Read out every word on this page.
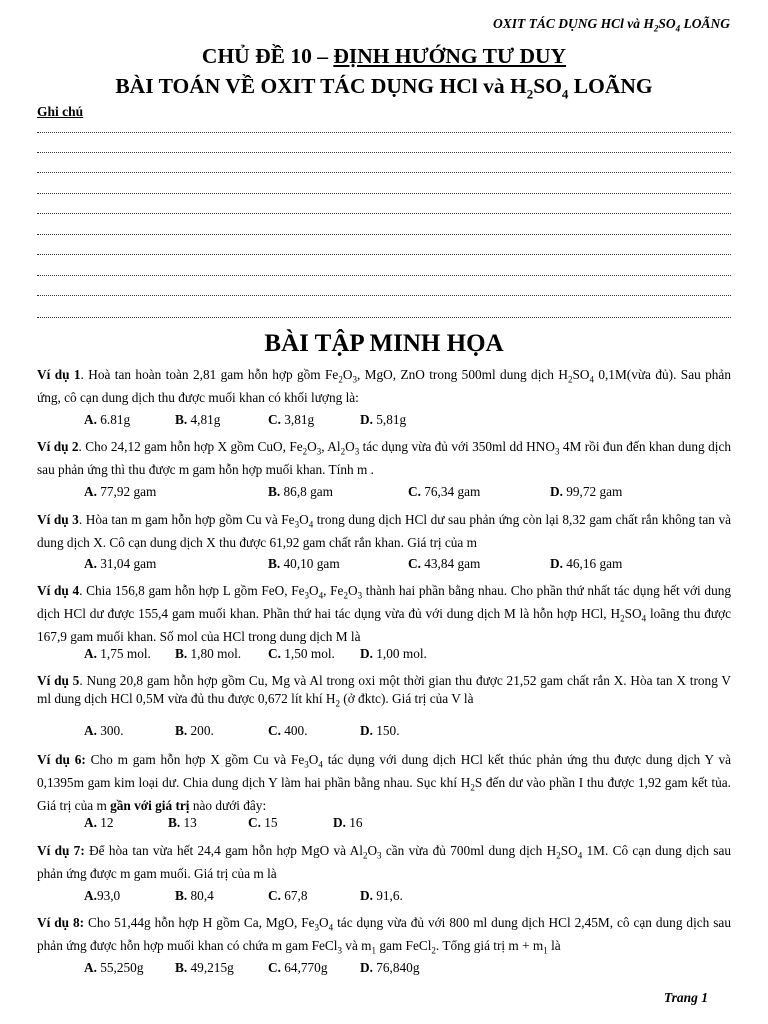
OXIT TÁC DỤNG HCl và $H_2SO_4$ LOÃNG
CHỦ ĐỀ 10 – ĐỊNH HƯỚNG TƯ DUY
BÀI TOÁN VỀ OXIT TÁC DỤNG HCl và $H_2SO_4$ LOÃNG
Ghi chú
BÀI TẬP MINH HỌA
Ví dụ 1. Hoà tan hoàn toàn 2,81 gam hỗn hợp gồm $Fe_2O_3$, MgO, ZnO trong 500ml dung dịch $H_2SO_4$ 0,1M(vừa đủ). Sau phản ứng, cô cạn dung dịch thu được muối khan có khối lượng là:
A. 6.81g	B. 4,81g	C. 3,81g	D. 5,81g
Ví dụ 2. Cho 24,12 gam hỗn hợp X gồm CuO, $Fe_2O_3$, $Al_2O_3$ tác dụng vừa đủ với 350ml dd $HNO_3$ 4M rồi đun đến khan dung dịch sau phản ứng thì thu được m gam hỗn hợp muối khan. Tính m .
A. 77,92 gam	B. 86,8 gam	C. 76,34 gam	D. 99,72 gam
Ví dụ 3. Hòa tan m gam hỗn hợp gồm Cu và $Fe_3O_4$ trong dung dịch HCl dư sau phản ứng còn lại 8,32 gam chất rắn không tan và dung dịch X. Cô cạn dung dịch X thu được 61,92 gam chất rắn khan. Giá trị của m
A. 31,04 gam	B. 40,10 gam	C. 43,84 gam	D. 46,16 gam
Ví dụ 4. Chia 156,8 gam hỗn hợp L gồm FeO, $Fe_3O_4$, $Fe_2O_3$ thành hai phần bằng nhau. Cho phần thứ nhất tác dụng hết với dung dịch HCl dư được 155,4 gam muối khan. Phần thứ hai tác dụng vừa đủ với dung dịch M là hỗn hợp HCl, $H_2SO_4$ loãng thu được 167,9 gam muối khan. Số mol của HCl trong dung dịch M là
A. 1,75 mol. B. 1,80 mol. C. 1,50 mol. D. 1,00 mol.
Ví dụ 5. Nung 20,8 gam hỗn hợp gồm Cu, Mg và Al trong oxi một thời gian thu được 21,52 gam chất rắn X. Hòa tan X trong V ml dung dịch HCl 0,5M vừa đủ thu được 0,672 lít khí $H_2$ (ở đktc). Giá trị của V là
A. 300.	B. 200.	C. 400.	D. 150.
Ví dụ 6: Cho m gam hỗn hợp X gồm Cu và $Fe_3O_4$ tác dụng với dung dịch HCl kết thúc phản ứng thu được dung dịch Y và 0,1395m gam kim loại dư. Chia dung dịch Y làm hai phần bằng nhau. Sục khí $H_2S$ đến dư vào phần I thu được 1,92 gam kết tủa. Giá trị của m gần với giá trị nào dưới đây:
A. 12	B. 13	C. 15	D. 16
Ví dụ 7: Để hòa tan vừa hết 24,4 gam hỗn hợp MgO và $Al_2O_3$ cần vừa đủ 700ml dung dịch $H_2SO_4$ 1M. Cô cạn dung dịch sau phản ứng được m gam muối. Giá trị của m là
A.93,0	B. 80,4	C. 67,8	D. 91,6.
Ví dụ 8: Cho 51,44g hỗn hợp H gồm Ca, MgO, $Fe_3O_4$ tác dụng vừa đủ với 800 ml dung dịch HCl 2,45M, cô cạn dung dịch sau phản ứng được hỗn hợp muối khan có chứa m gam FeCl$_3$ và $m_1$ gam FeCl$_2$. Tổng giá trị $m + m_1$ là
A. 55,250g B. 49,215g	C. 64,770g D. 76,840g
Trang 1
